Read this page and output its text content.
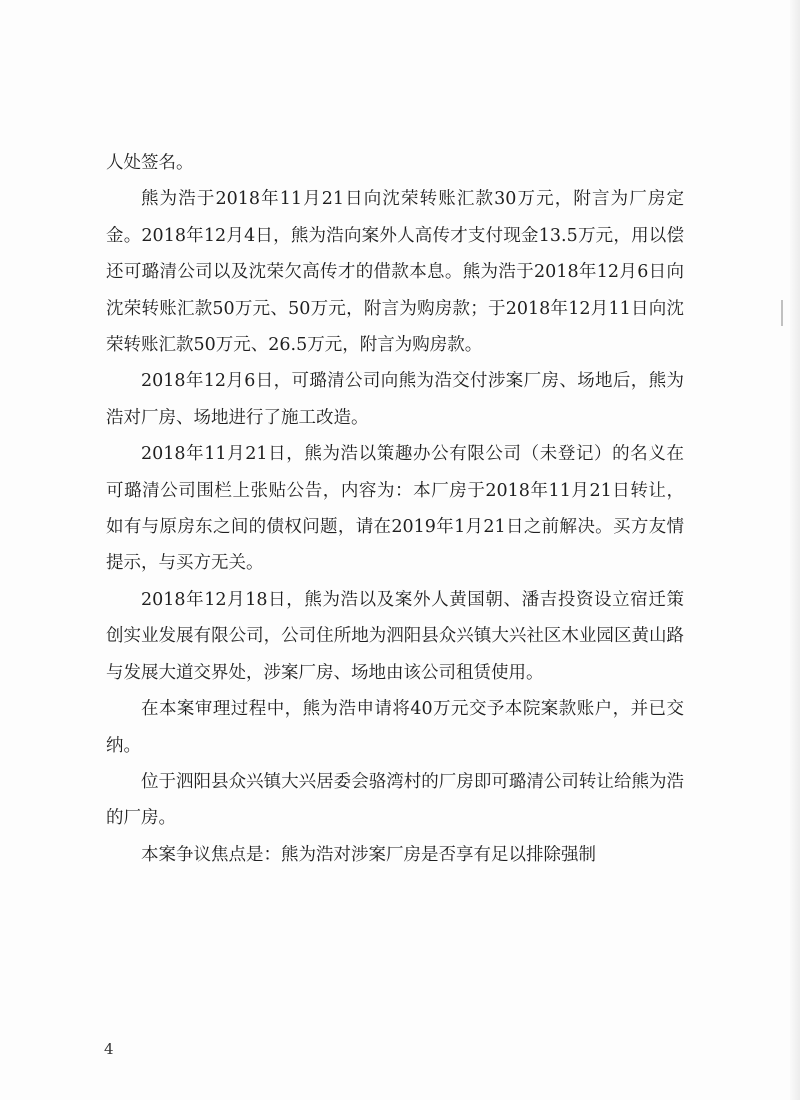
人处签名。

熊为浩于2018年11月21日向沈荣转账汇款30万元，附言为厂房定金。2018年12月4日，熊为浩向案外人高传才支付现金13.5万元，用以偿还可璐清公司以及沈荣欠高传才的借款本息。熊为浩于2018年12月6日向沈荣转账汇款50万元、50万元，附言为购房款；于2018年12月11日向沈荣转账汇款50万元、26.5万元，附言为购房款。

2018年12月6日，可璐清公司向熊为浩交付涉案厂房、场地后，熊为浩对厂房、场地进行了施工改造。

2018年11月21日，熊为浩以策趣办公有限公司（未登记）的名义在可璐清公司围栏上张贴公告，内容为：本厂房于2018年11月21日转让，如有与原房东之间的债权问题，请在2019年1月21日之前解决。买方友情提示，与买方无关。

2018年12月18日，熊为浩以及案外人黄国朝、潘吉投资设立宿迁策创实业发展有限公司，公司住所地为泗阳县众兴镇大兴社区木业园区黄山路与发展大道交界处，涉案厂房、场地由该公司租赁使用。

在本案审理过程中，熊为浩申请将40万元交予本院案款账户，并已交纳。

位于泗阳县众兴镇大兴居委会骆湾村的厂房即可璐清公司转让给熊为浩的厂房。

本案争议焦点是：熊为浩对涉案厂房是否享有足以排除强制

4
